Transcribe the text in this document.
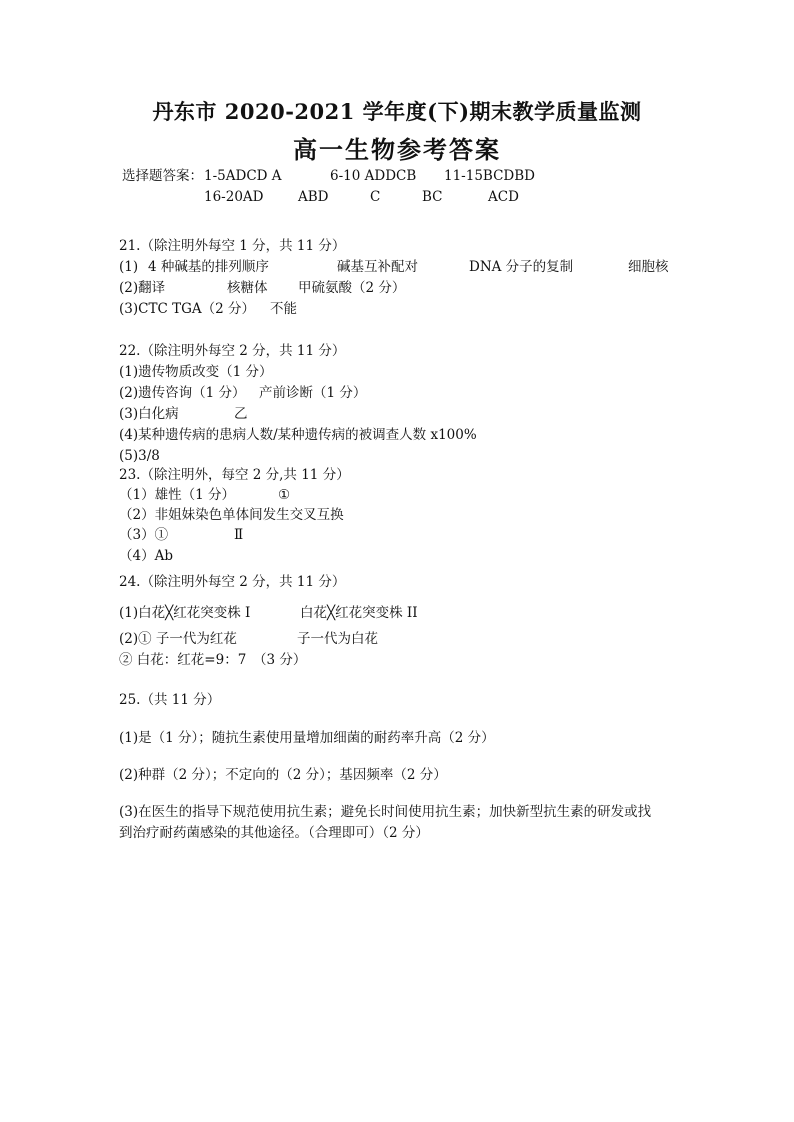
丹东市 2020-2021 学年度(下)期末教学质量监测
高一生物参考答案
选择题答案： 1-5ADCD A	6-10 ADDCB 11-15BCDBD
16-20AD	ABD	C	BC	ACD
21.（除注明外每空 1 分，共 11 分）
(1) 4 种碱基的排列顺序	碱基互补配对	DNA 分子的复制	细胞核
(2)翻译	核糖体 甲硫氨酸（2 分）
(3)CTC TGA（2 分） 不能
22.（除注明外每空 2 分，共 11 分）
(1)遗传物质改变（1 分）
(2)遗传咨询（1 分） 产前诊断（1 分）
(3)白化病	乙
(4)某种遗传病的患病人数/某种遗传病的被调查人数 x100%
(5)3/8
23.（除注明外，每空 2 分,共 11 分）
（1）雄性（1 分）	①
（2）非姐妹染色单体间发生交叉互换
（3）①	Ⅱ
（4）Ab
24.（除注明外每空 2 分，共 11 分）
(1)白花╳红花突变株 I	白花╳红花突变株 II
(2)① 子一代为红花	子一代为白花
② 白花：红花=9：7　（3 分）
25.（共 11 分）
(1)是（1 分）；随抗生素使用量增加细菌的耐药率升高（2 分）
(2)种群（2 分）；不定向的（2 分）；基因频率（2 分）
(3)在医生的指导下规范使用抗生素；避免长时间使用抗生素；加快新型抗生素的研发或找
到治疗耐药菌感染的其他途径。（合理即可）（2 分）
